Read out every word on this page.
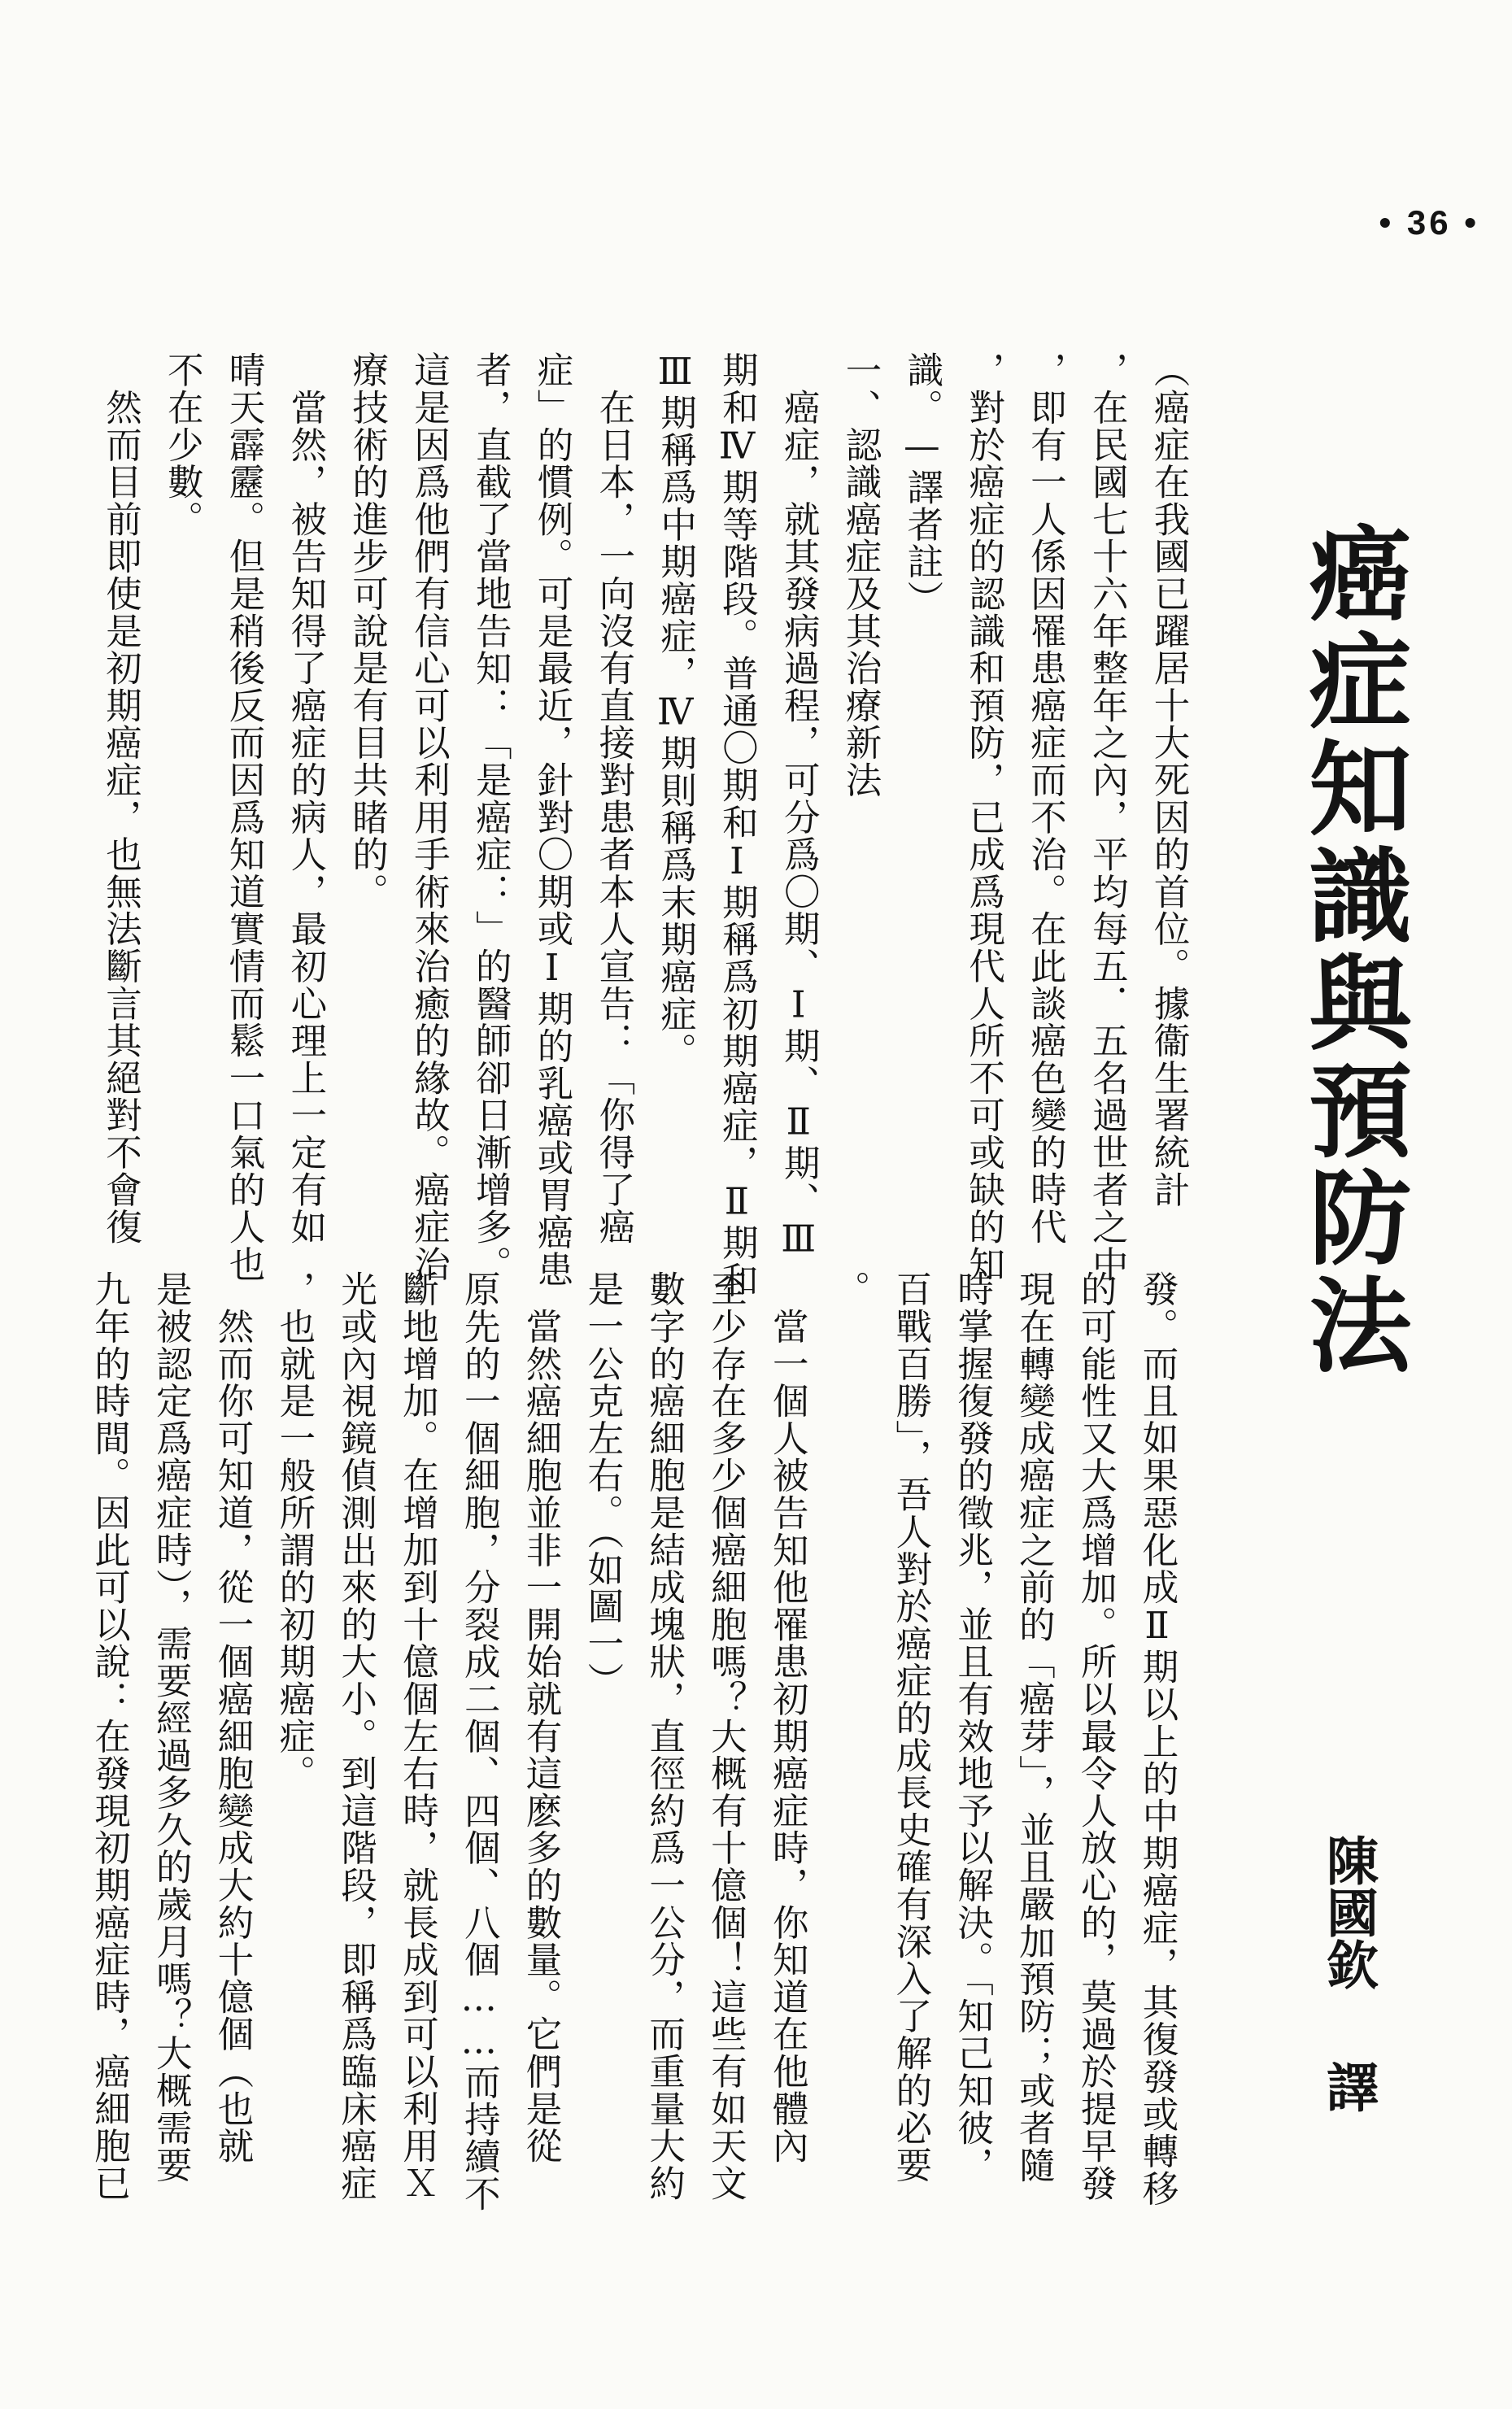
• 36 •
癌症知識與預防法
陳國欽譯
（癌症在我國已躍居十大死因的首位。據衞生署統計
，在民國七十六年整年之內，平均每五．五名過世者之中
，即有一人係因罹患癌症而不治。在此談癌色變的時代
，對於癌症的認識和預防，已成爲現代人所不可或缺的知
識。—譯者註）
一、認識癌症及其治療新法
　癌症，就其發病過程，可分爲〇期、Ⅰ期、Ⅱ期、Ⅲ
期和Ⅳ期等階段。普通〇期和Ⅰ期稱爲初期癌症，Ⅱ期和
Ⅲ期稱爲中期癌症，Ⅳ期則稱爲末期癌症。
　在日本，一向沒有直接對患者本人宣告：「你得了癌
症」的慣例。可是最近，針對〇期或Ⅰ期的乳癌或胃癌患
者，直截了當地告知：「是癌症：」的醫師卻日漸增多。
這是因爲他們有信心可以利用手術來治癒的緣故。癌症治
療技術的進步可說是有目共睹的。
　當然，被告知得了癌症的病人，最初心理上一定有如
晴天霹靂。但是稍後反而因爲知道實情而鬆一口氣的人也
不在少數。
　然而目前即使是初期癌症，也無法斷言其絕對不會復
發。而且如果惡化成Ⅱ期以上的中期癌症，其復發或轉移
的可能性又大爲增加。所以最令人放心的，莫過於提早發
現在轉變成癌症之前的「癌芽」，並且嚴加預防；或者隨
時掌握復發的徵兆，並且有效地予以解決。「知己知彼，
百戰百勝」，吾人對於癌症的成長史確有深入了解的必要
。
　當一個人被告知他罹患初期癌症時，你知道在他體內
至少存在多少個癌細胞嗎？大概有十億個！這些有如天文
數字的癌細胞是結成塊狀，直徑約爲一公分，而重量大約
是一公克左右。（如圖一）
　當然癌細胞並非一開始就有這麽多的數量。它們是從
原先的一個細胞，分裂成二個、四個、八個……而持續不
斷地增加。在增加到十億個左右時，就長成到可以利用Ｘ
光或內視鏡偵測出來的大小。到這階段，即稱爲臨床癌症
，也就是一般所謂的初期癌症。
　然而你可知道，從一個癌細胞變成大約十億個（也就
是被認定爲癌症時），需要經過多久的歲月嗎？大概需要
九年的時間。因此可以說：在發現初期癌症時，癌細胞已
